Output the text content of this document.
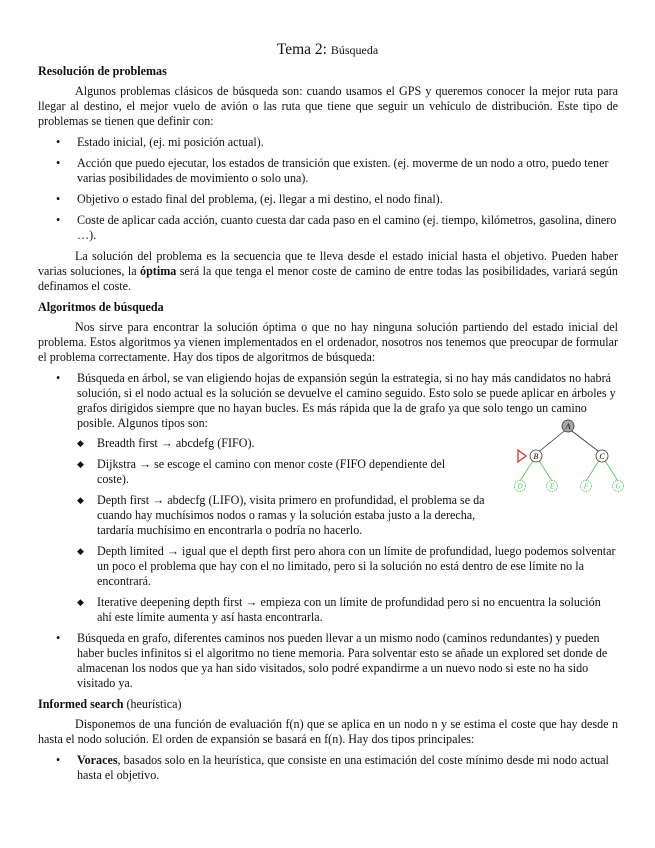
Tema 2: Búsqueda
Resolución de problemas

Algunos problemas clásicos de búsqueda son: cuando usamos el GPS y queremos conocer la mejor ruta para llegar al destino, el mejor vuelo de avión o las ruta que tiene que seguir un vehículo de distribución. Este tipo de problemas se tienen que definir con:

• Estado inicial, (ej. mi posición actual).
• Acción que puedo ejecutar, los estados de transición que existen. (ej. moverme de un nodo a otro, puedo tener varias posibilidades de movimiento o solo una).
• Objetivo o estado final del problema, (ej. llegar a mi destino, el nodo final).
• Coste de aplicar cada acción, cuanto cuesta dar cada paso en el camino (ej. tiempo, kilómetros, gasolina, dinero …).

La solución del problema es la secuencia que te lleva desde el estado inicial hasta el objetivo. Pueden haber varias soluciones, la óptima será la que tenga el menor coste de camino de entre todas las posibilidades, variará según definamos el coste.

Algoritmos de búsqueda

Nos sirve para encontrar la solución óptima o que no hay ninguna solución partiendo del estado inicial del problema. Estos algoritmos ya vienen implementados en el ordenador, nosotros nos tenemos que preocupar de formular el problema correctamente. Hay dos tipos de algoritmos de búsqueda:

• Búsqueda en árbol, se van eligiendo hojas de expansión según la estrategia, si no hay más candidatos no habrá solución, si el nodo actual es la solución se devuelve el camino seguido. Esto solo se puede aplicar en árboles y grafos dirigidos siempre que no hayan bucles. Es más rápida que la de grafo ya que solo tengo un camino posible. Algunos tipos son:
◆ Breadth first → abcdefg (FIFO).
◆ Dijkstra → se escoge el camino con menor coste (FIFO dependiente del coste).
◆ Depth first → abdecfg (LIFO), visita primero en profundidad, el problema se da cuando hay muchísimos nodos o ramas y la solución estaba justo a la derecha, tardaría muchísimo en encontrarla o podría no hacerlo.
◆ Depth limited → igual que el depth first pero ahora con un límite de profundidad, luego podemos solventar un poco el problema que hay con el no limitado, pero si la solución no está dentro de ese límite no la encontrará.
◆ Iterative deepening depth first → empieza con un límite de profundidad pero si no encuentra la solución ahí este límite aumenta y así hasta encontrarla.
• Búsqueda en grafo, diferentes caminos nos pueden llevar a un mismo nodo (caminos redundantes) y pueden haber bucles infinitos si el algoritmo no tiene memoria. Para solventar esto se añade un explored set donde de almacenan los nodos que ya han sido visitados, solo podré expandirme a un nuevo nodo si este no ha sido visitado ya.
Informed search (heurística)

Disponemos de una función de evaluación f(n) que se aplica en un nodo n y se estima el coste que hay desde n hasta el nodo solución. El orden de expansión se basará en f(n). Hay dos tipos principales:

• Voraces, basados solo en la heurística, que consiste en una estimación del coste mínimo desde mi nodo actual hasta el objetivo.
A
B	C
D	E	F	G
